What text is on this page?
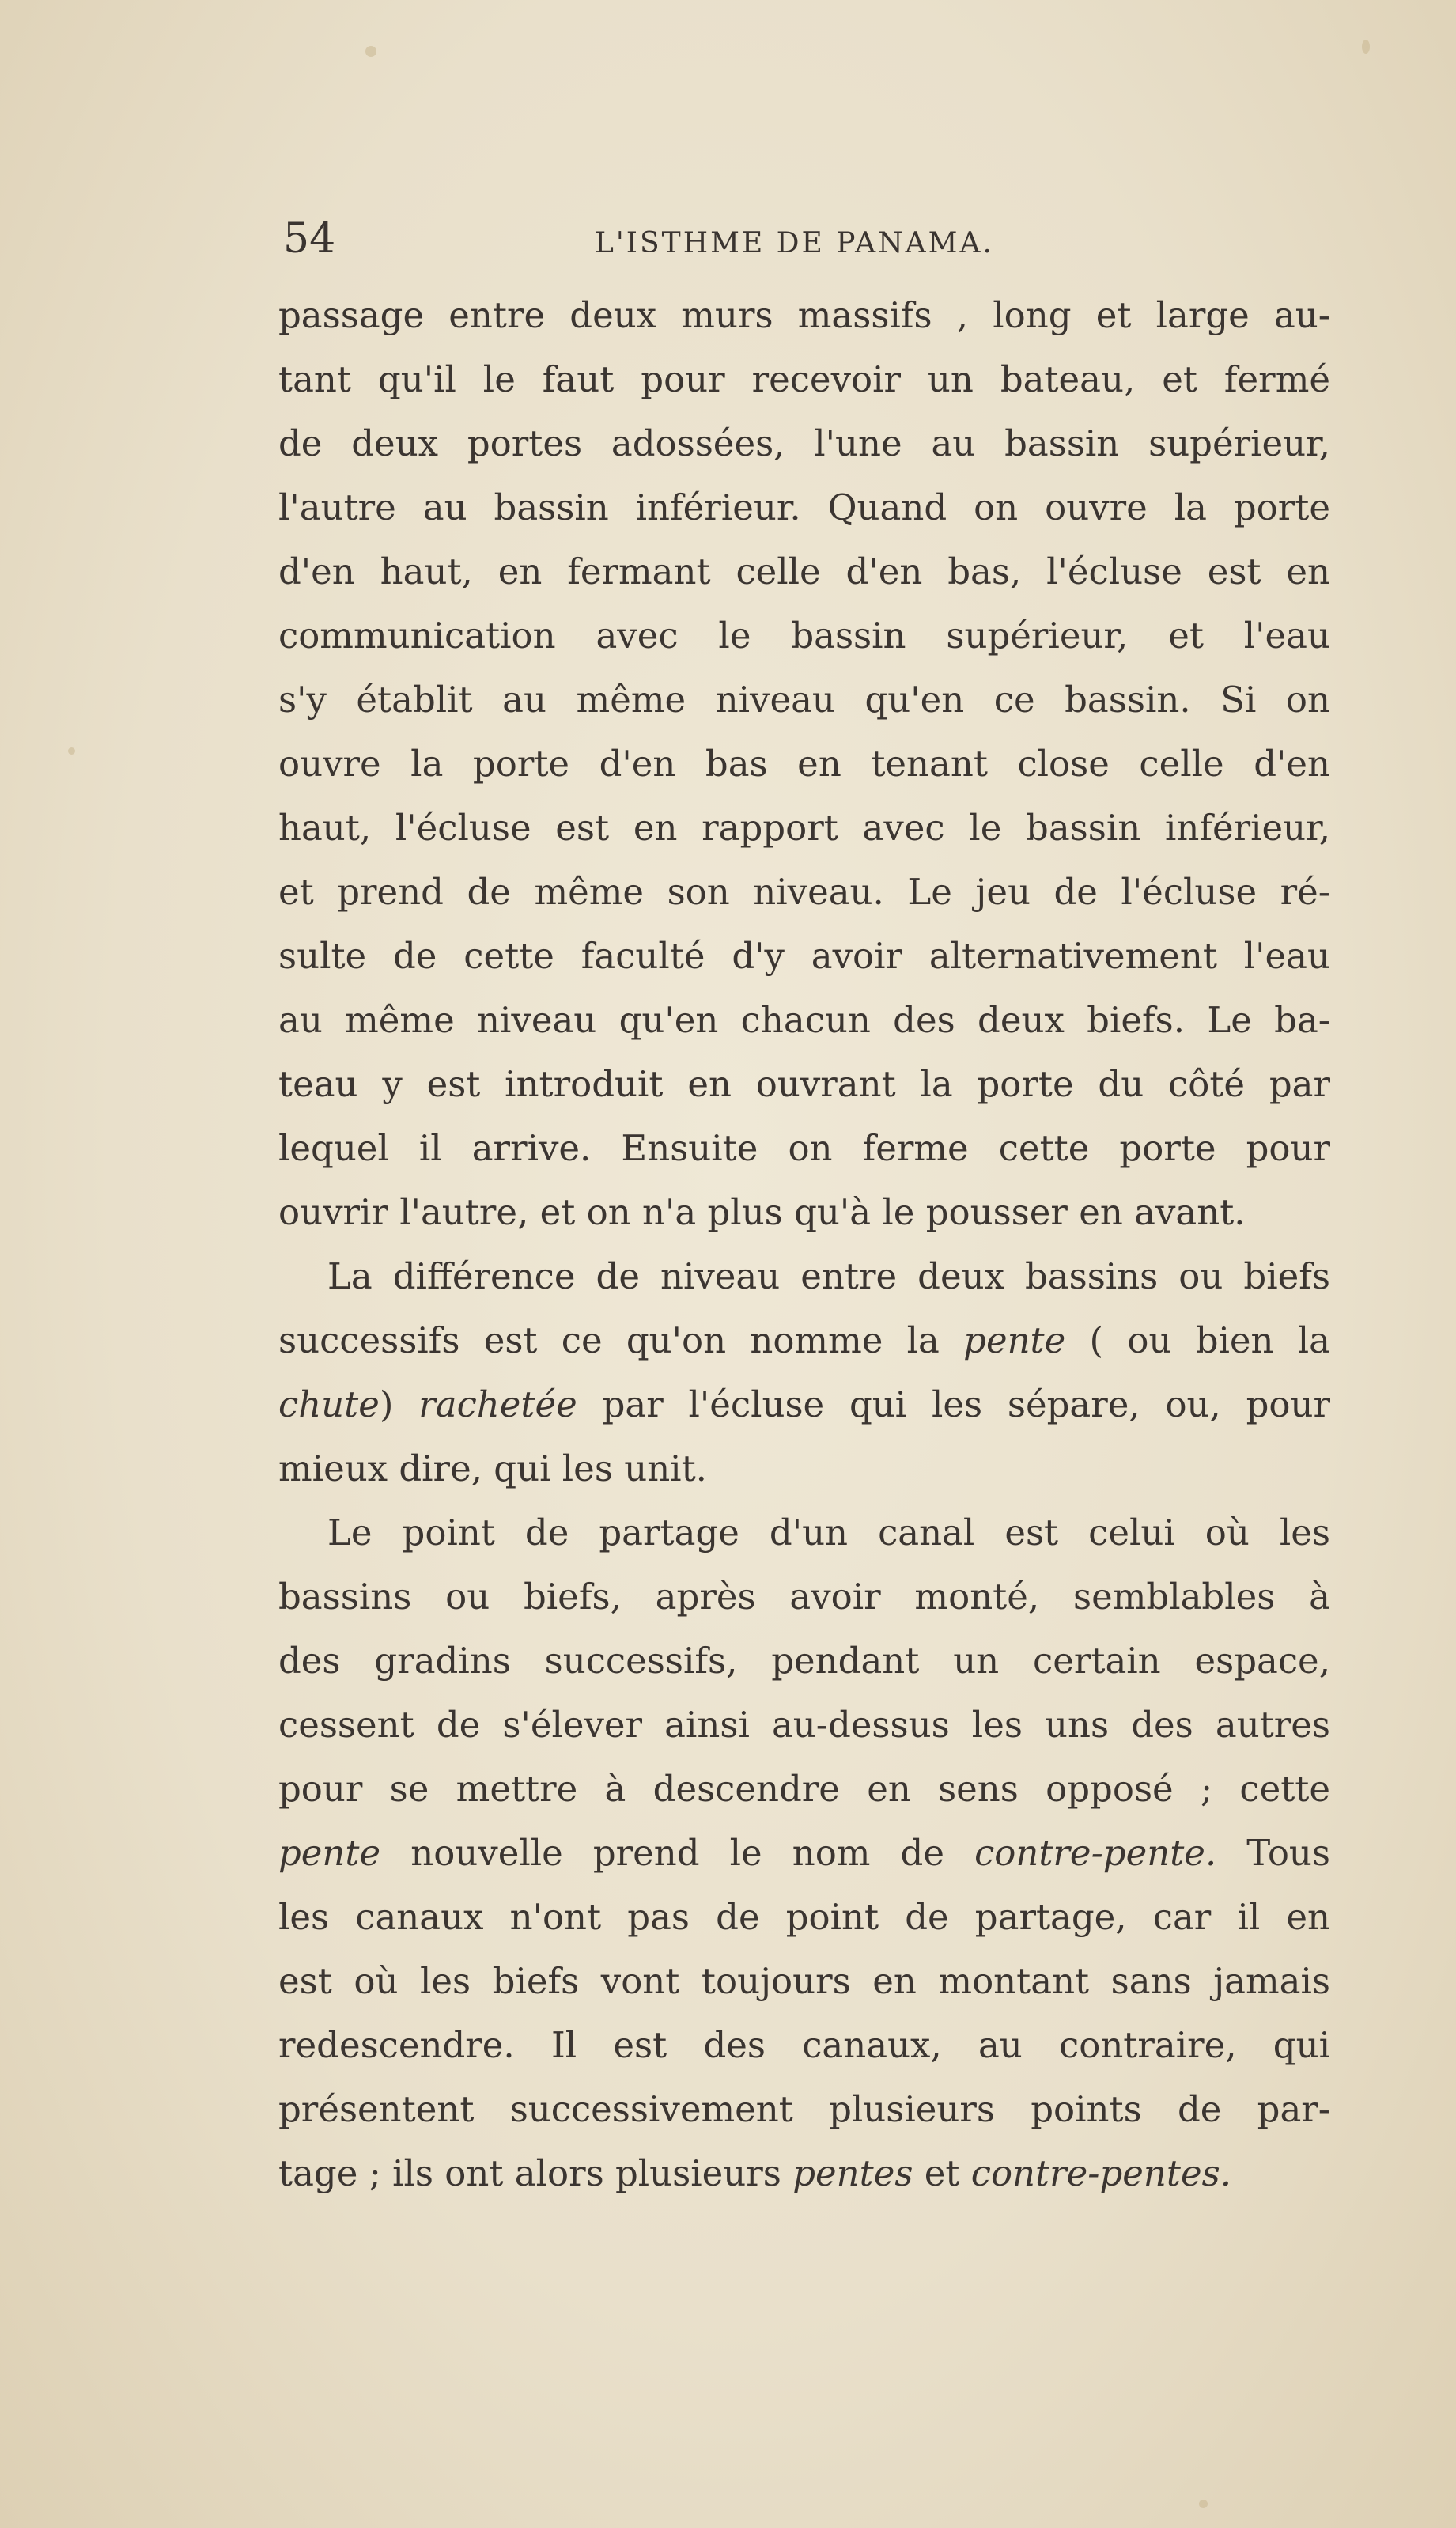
54	L'ISTHME DE PANAMA.
passage entre deux murs massifs , long et large au-
tant qu'il le faut pour recevoir un bateau, et fermé
de deux portes adossées, l'une au bassin supérieur,
l'autre au bassin inférieur. Quand on ouvre la porte
d'en haut, en fermant celle d'en bas, l'écluse est en
communication avec le bassin supérieur, et l'eau
s'y établit au même niveau qu'en ce bassin. Si on
ouvre la porte d'en bas en tenant close celle d'en
haut, l'écluse est en rapport avec le bassin inférieur,
et prend de même son niveau. Le jeu de l'écluse ré-
sulte de cette faculté d'y avoir alternativement l'eau
au même niveau qu'en chacun des deux biefs. Le ba-
teau y est introduit en ouvrant la porte du côté par
lequel il arrive. Ensuite on ferme cette porte pour
ouvrir l'autre, et on n'a plus qu'à le pousser en avant.
La différence de niveau entre deux bassins ou biefs
successifs est ce qu'on nomme la pente ( ou bien la
chute) rachetée par l'écluse qui les sépare, ou, pour
mieux dire, qui les unit.
Le point de partage d'un canal est celui où les
bassins ou biefs, après avoir monté, semblables à
des gradins successifs, pendant un certain espace,
cessent de s'élever ainsi au-dessus les uns des autres
pour se mettre à descendre en sens opposé ; cette
pente nouvelle prend le nom de contre-pente. Tous
les canaux n'ont pas de point de partage, car il en
est où les biefs vont toujours en montant sans jamais
redescendre. Il est des canaux, au contraire, qui
présentent successivement plusieurs points de par-
tage ; ils ont alors plusieurs pentes et contre-pentes.
